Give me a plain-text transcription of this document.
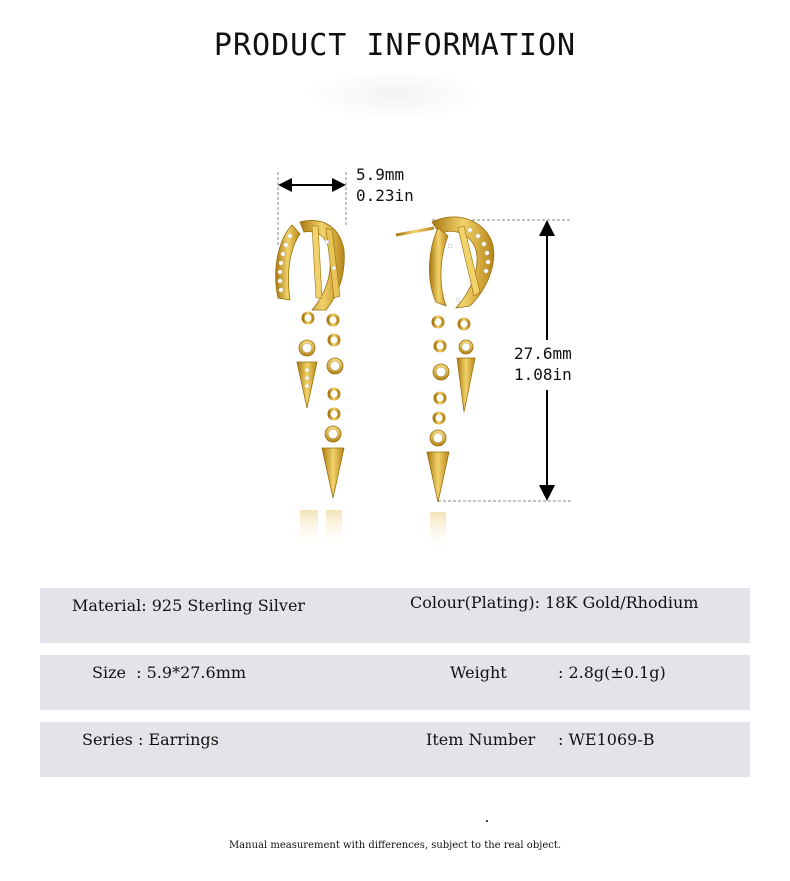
PRODUCT INFORMATION
5.9mm
0.23in
27.6mm
1.08in
Material: 925 Sterling Silver	Colour(Plating): 18K Gold/Rhodium
Size  : 5.9*27.6mm	Weight	: 2.8g(±0.1g)
Series : Earrings	Item Number : WE1069-B
Manual measurement with differences, subject to the real object.
